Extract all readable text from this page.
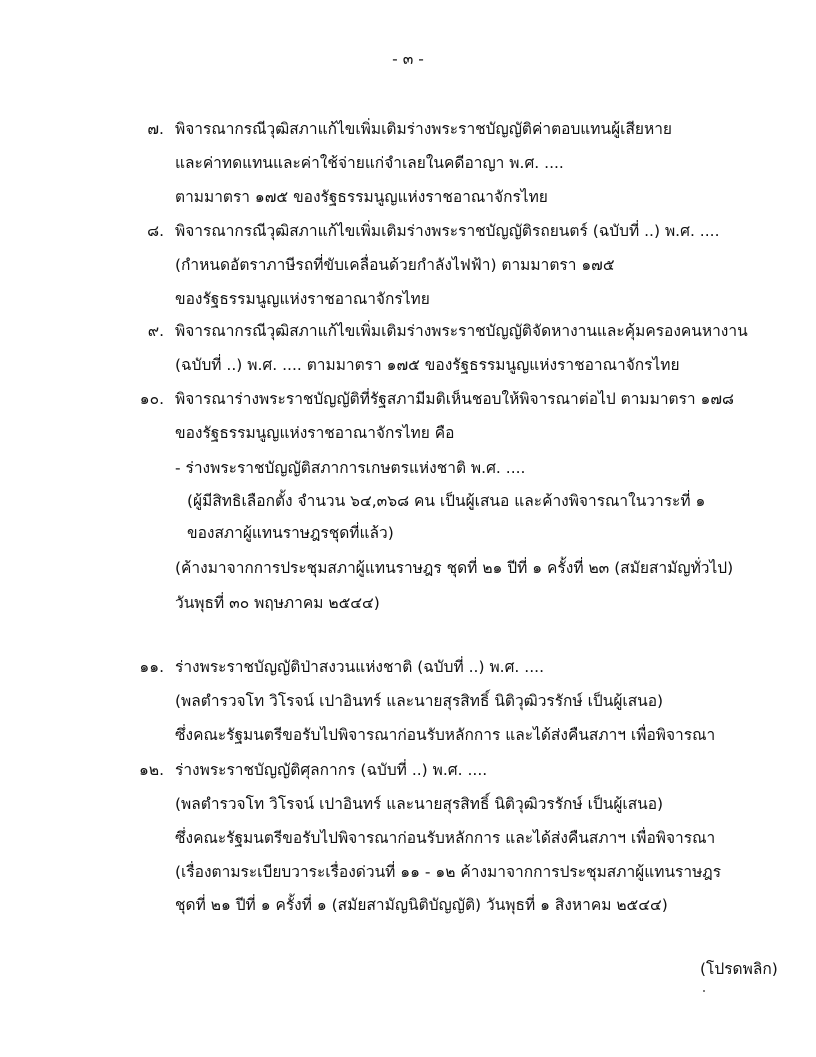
- ๓ -
๗. พิจารณากรณีวุฒิสภาแก้ไขเพิ่มเติมร่างพระราชบัญญัติค่าตอบแทนผู้เสียหาย
และค่าทดแทนและค่าใช้จ่ายแก่จำเลยในคดีอาญา พ.ศ. ....
ตามมาตรา ๑๗๕ ของรัฐธรรมนูญแห่งราชอาณาจักรไทย
๘. พิจารณากรณีวุฒิสภาแก้ไขเพิ่มเติมร่างพระราชบัญญัติรถยนตร์ (ฉบับที่ ..) พ.ศ. ....
(กำหนดอัตราภาษีรถที่ขับเคลื่อนด้วยกำลังไฟฟ้า) ตามมาตรา ๑๗๕
ของรัฐธรรมนูญแห่งราชอาณาจักรไทย
๙. พิจารณากรณีวุฒิสภาแก้ไขเพิ่มเติมร่างพระราชบัญญัติจัดหางานและคุ้มครองคนหางาน
(ฉบับที่ ..) พ.ศ. .... ตามมาตรา ๑๗๕ ของรัฐธรรมนูญแห่งราชอาณาจักรไทย
๑๐. พิจารณาร่างพระราชบัญญัติที่รัฐสภามีมติเห็นชอบให้พิจารณาต่อไป ตามมาตรา ๑๗๘
ของรัฐธรรมนูญแห่งราชอาณาจักรไทย คือ
- ร่างพระราชบัญญัติสภาการเกษตรแห่งชาติ พ.ศ. ....
(ผู้มีสิทธิเลือกตั้ง จำนวน ๖๔,๓๖๘ คน เป็นผู้เสนอ และค้างพิจารณาในวาระที่ ๑
ของสภาผู้แทนราษฎรชุดที่แล้ว)
(ค้างมาจากการประชุมสภาผู้แทนราษฎร ชุดที่ ๒๑ ปีที่ ๑ ครั้งที่ ๒๓ (สมัยสามัญทั่วไป)
วันพุธที่ ๓๐ พฤษภาคม ๒๕๔๔)
๑๑. ร่างพระราชบัญญัติป่าสงวนแห่งชาติ (ฉบับที่ ..) พ.ศ. ....
(พลตำรวจโท วิโรจน์ เปาอินทร์ และนายสุรสิทธิ์ นิติวุฒิวรรักษ์ เป็นผู้เสนอ)
ซึ่งคณะรัฐมนตรีขอรับไปพิจารณาก่อนรับหลักการ และได้ส่งคืนสภาฯ เพื่อพิจารณา
๑๒. ร่างพระราชบัญญัติศุลกากร (ฉบับที่ ..) พ.ศ. ....
(พลตำรวจโท วิโรจน์ เปาอินทร์ และนายสุรสิทธิ์ นิติวุฒิวรรักษ์ เป็นผู้เสนอ)
ซึ่งคณะรัฐมนตรีขอรับไปพิจารณาก่อนรับหลักการ และได้ส่งคืนสภาฯ เพื่อพิจารณา
(เรื่องตามระเบียบวาระเรื่องด่วนที่ ๑๑ - ๑๒ ค้างมาจากการประชุมสภาผู้แทนราษฎร
ชุดที่ ๒๑ ปีที่ ๑ ครั้งที่ ๑ (สมัยสามัญนิติบัญญัติ) วันพุธที่ ๑ สิงหาคม ๒๕๔๔)
(โปรดพลิก)
